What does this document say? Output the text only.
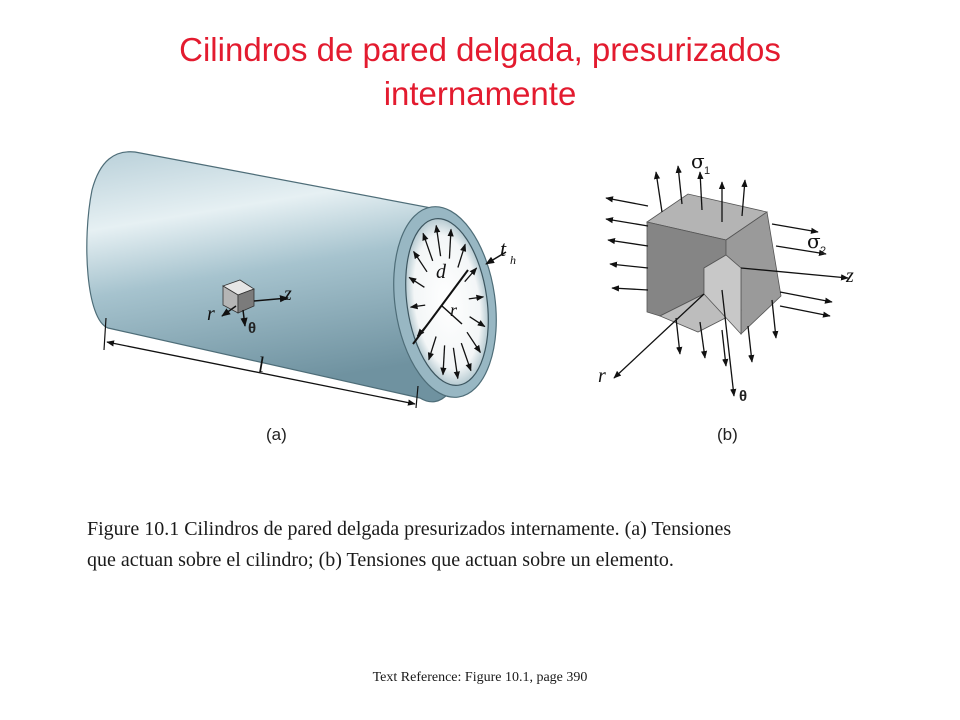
Cilindros de pared delgada, presurizados
internamente
d
r
t h
z
r
θ
l
(a)
z
r
θ
σ 1
σ 2
(b)
Figure 10.1 Cilindros de pared delgada presurizados internamente. (a) Tensiones
que actuan sobre el cilindro; (b) Tensiones que actuan sobre un elemento.
Text Reference: Figure 10.1, page 390
